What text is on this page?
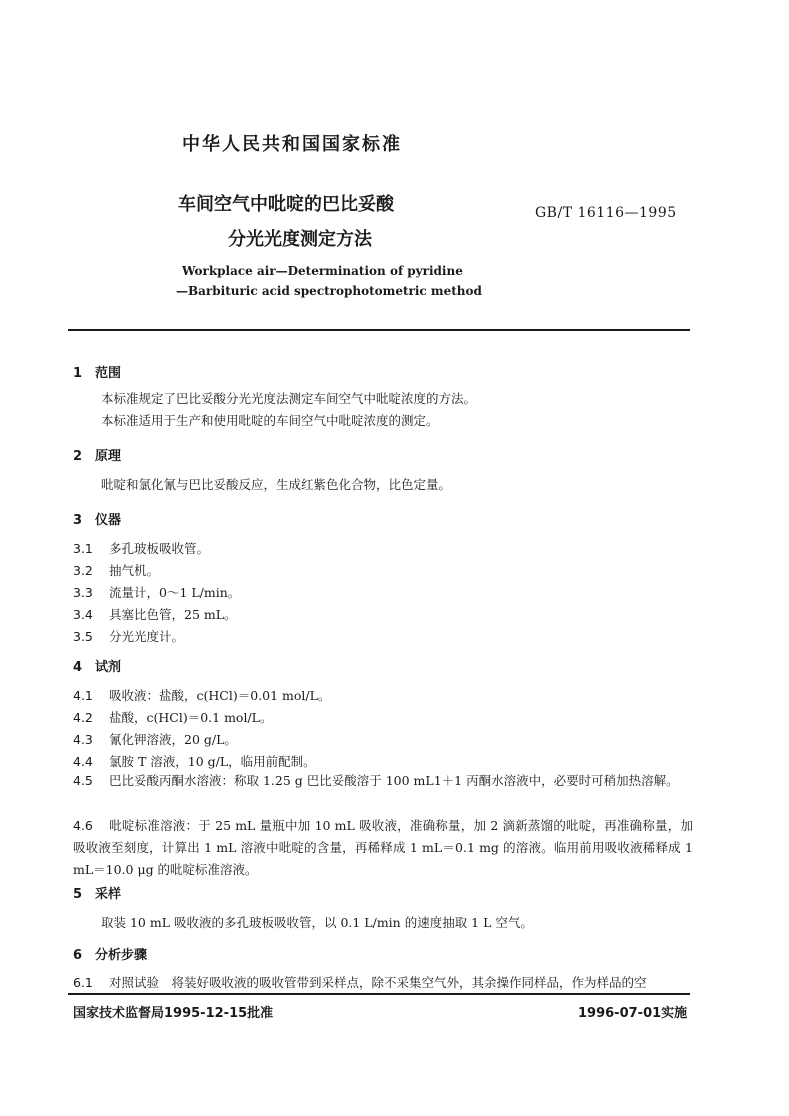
中华人民共和国国家标准
车间空气中吡啶的巴比妥酸
分光光度测定方法
GB/T 16116—1995
Workplace air—Determination of pyridine
—Barbituric acid spectrophotometric method
1 范围
本标准规定了巴比妥酸分光光度法测定车间空气中吡啶浓度的方法。
本标准适用于生产和使用吡啶的车间空气中吡啶浓度的测定。
2 原理
吡啶和氯化氰与巴比妥酸反应，生成红紫色化合物，比色定量。
3 仪器
3.1 多孔玻板吸收管。
3.2 抽气机。
3.3 流量计，0～1 L/min。
3.4 具塞比色管，25 mL。
3.5 分光光度计。
4 试剂
4.1 吸收液：盐酸，c(HCl)＝0.01 mol/L。
4.2 盐酸，c(HCl)＝0.1 mol/L。
4.3 氰化钾溶液，20 g/L。
4.4 氯胺 T 溶液，10 g/L，临用前配制。
4.5 巴比妥酸丙酮水溶液：称取 1.25 g 巴比妥酸溶于 100 mL1＋1 丙酮水溶液中，必要时可稍加热溶解。
4.6 吡啶标准溶液：于 25 mL 量瓶中加 10 mL 吸收液，准确称量，加 2 滴新蒸馏的吡啶，再准确称量，加吸收液至刻度，计算出 1 mL 溶液中吡啶的含量，再稀释成 1 mL＝0.1 mg 的溶液。临用前用吸收液稀释成 1 mL＝10.0 μg 的吡啶标准溶液。
5 采样
取装 10 mL 吸收液的多孔玻板吸收管，以 0.1 L/min 的速度抽取 1 L 空气。
6 分析步骤
6.1 对照试验　将装好吸收液的吸收管带到采样点，除不采集空气外，其余操作同样品，作为样品的空
国家技术监督局1995-12-15批准	1996-07-01实施
